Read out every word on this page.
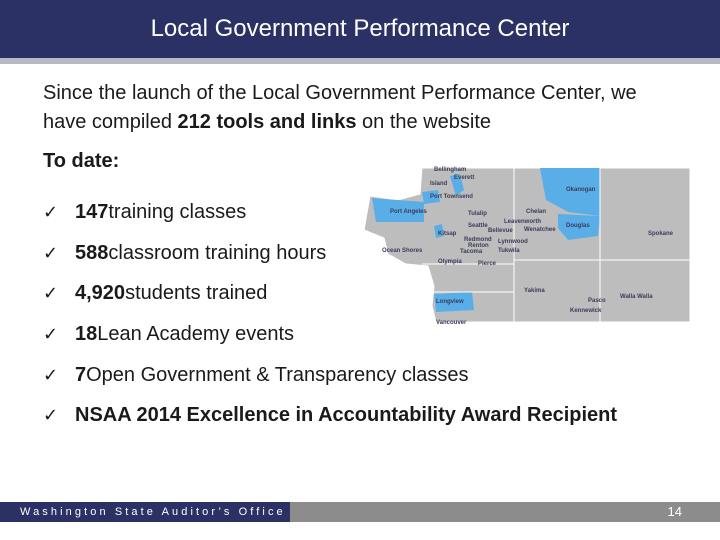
Local Government Performance Center
Since the launch of the Local Government Performance Center, we have compiled 212 tools and links on the website
To date:
✓ 147 training classes
✓ 588 classroom training hours
✓ 4,920 students trained
✓ 18 Lean Academy events
✓ 7 Open Government & Transparency classes
✓ NSAA 2014 Excellence in Accountability Award Recipient
Bellingham
Everett
Island
Port Townsend
Okanogan
Port Angeles	Tulalip	Chelan
Leavenworth
Seattle	Douglas
Bellevue Wenatchee
Kitsap	Spokane
Redmond Lynnwood
Renton
Ocean Shores	Tacoma	Tukwila
Olympia	Pierce
Yakima
Walla Walla
Longview	Pasco
Kennewick
Vancouver
Washington State Auditor’s Office	14
